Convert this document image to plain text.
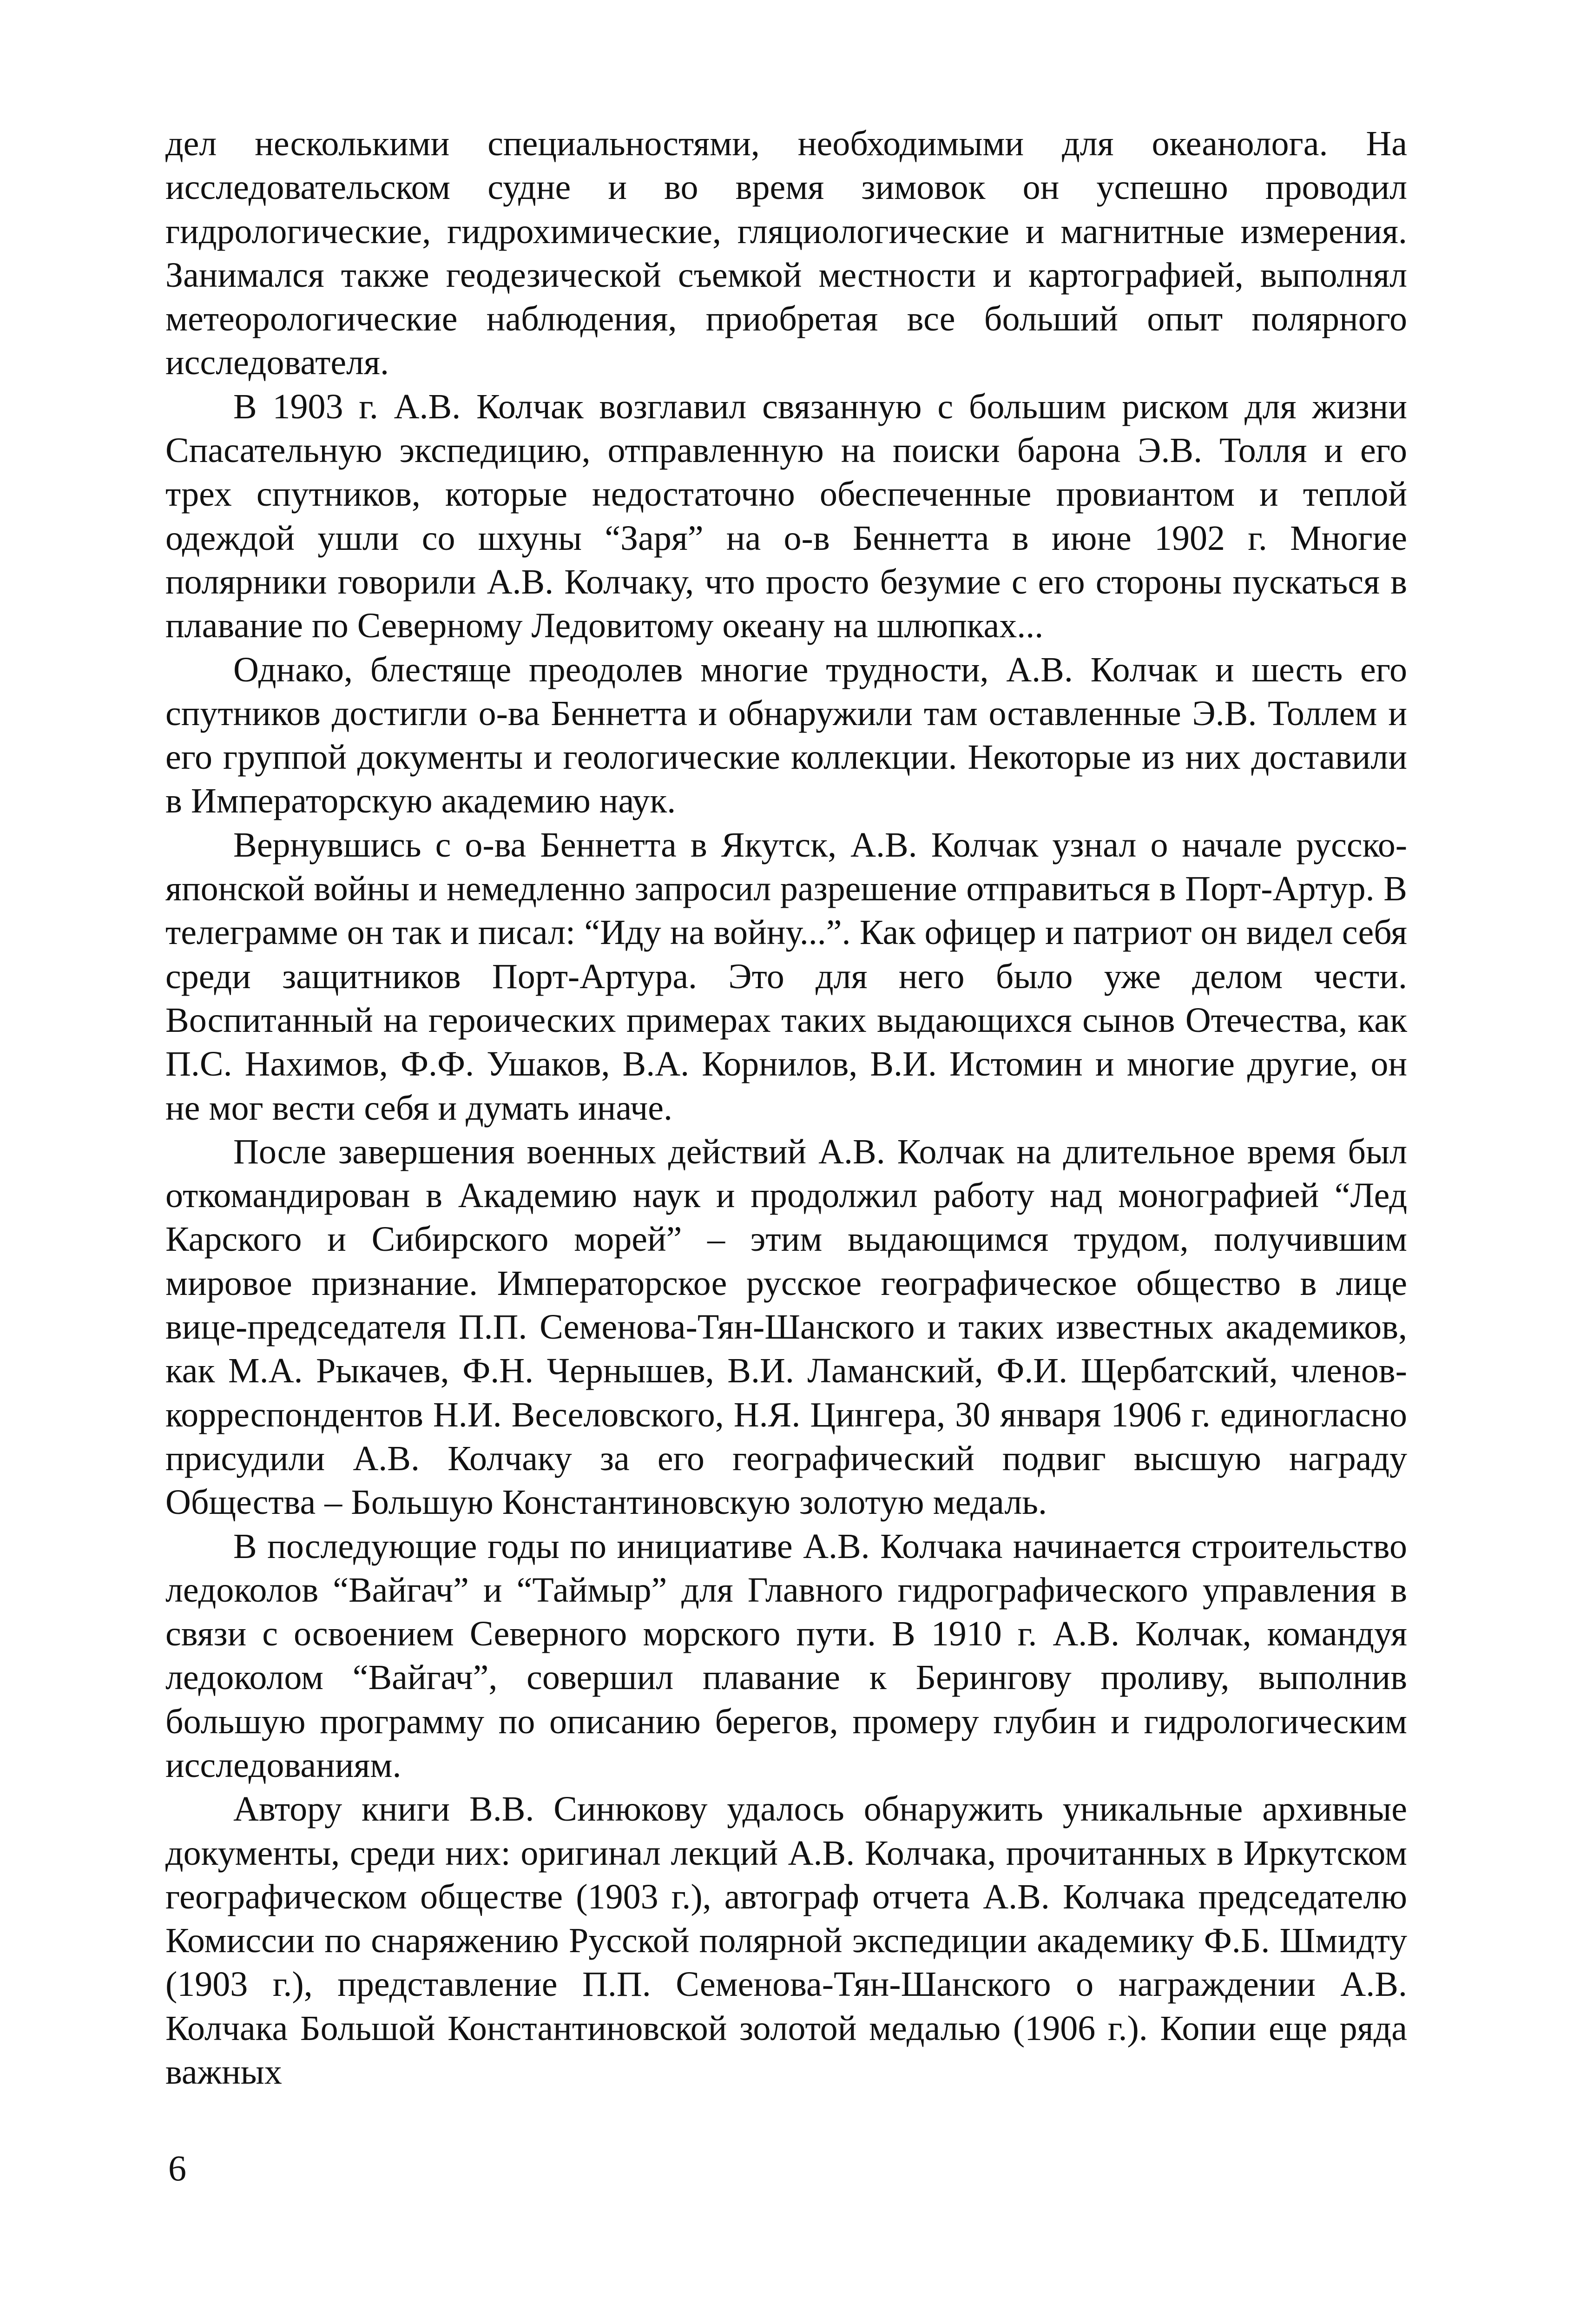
дел несколькими специальностями, необходимыми для океанолога. На исследовательском судне и во время зимовок он успешно проводил гидрологические, гидрохимические, гляциологические и магнитные измерения. Занимался также геодезической съемкой местности и картографией, выполнял метеорологические наблюдения, приобретая все больший опыт полярного исследователя.

В 1903 г. А.В. Колчак возглавил связанную с большим риском для жизни Спасательную экспедицию, отправленную на поиски барона Э.В. Толля и его трех спутников, которые недостаточно обеспеченные провиантом и теплой одеждой ушли со шхуны “Заря” на о-в Беннетта в июне 1902 г. Многие полярники говорили А.В. Колчаку, что просто безумие с его стороны пускаться в плавание по Северному Ледовитому океану на шлюпках...

Однако, блестяще преодолев многие трудности, А.В. Колчак и шесть его спутников достигли о-ва Беннетта и обнаружили там оставленные Э.В. Толлем и его группой документы и геологические коллекции. Некоторые из них доставили в Императорскую академию наук.

Вернувшись с о-ва Беннетта в Якутск, А.В. Колчак узнал о начале русско-японской войны и немедленно запросил разрешение отправиться в Порт-Артур. В телеграмме он так и писал: “Иду на войну...”. Как офицер и патриот он видел себя среди защитников Порт-Артура. Это для него было уже делом чести. Воспитанный на героических примерах таких выдающихся сынов Отечества, как П.С. Нахимов, Ф.Ф. Ушаков, В.А. Корнилов, В.И. Истомин и многие другие, он не мог вести себя и думать иначе.

После завершения военных действий А.В. Колчак на длительное время был откомандирован в Академию наук и продолжил работу над монографией “Лед Карского и Сибирского морей” – этим выдающимся трудом, получившим мировое признание. Императорское русское географическое общество в лице вице-председателя П.П. Семенова-Тян-Шанского и таких известных академиков, как М.А. Рыкачев, Ф.Н. Чернышев, В.И. Ламанский, Ф.И. Щербатский, членов-корреспондентов Н.И. Веселовского, Н.Я. Цингера, 30 января 1906 г. единогласно присудили А.В. Колчаку за его географический подвиг высшую награду Общества – Большую Константиновскую золотую медаль.

В последующие годы по инициативе А.В. Колчака начинается строительство ледоколов “Вайгач” и “Таймыр” для Главного гидрографического управления в связи с освоением Северного морского пути. В 1910 г. А.В. Колчак, командуя ледоколом “Вайгач”, совершил плавание к Берингову проливу, выполнив большую программу по описанию берегов, промеру глубин и гидрологическим исследованиям.

Автору книги В.В. Синюкову удалось обнаружить уникальные архивные документы, среди них: оригинал лекций А.В. Колчака, прочитанных в Иркутском географическом обществе (1903 г.), автограф отчета А.В. Колчака председателю Комиссии по снаряжению Русской полярной экспедиции академику Ф.Б. Шмидту (1903 г.), представление П.П. Семенова-Тян-Шанского о награждении А.В. Колчака Большой Константиновской золотой медалью (1906 г.). Копии еще ряда важных

6
